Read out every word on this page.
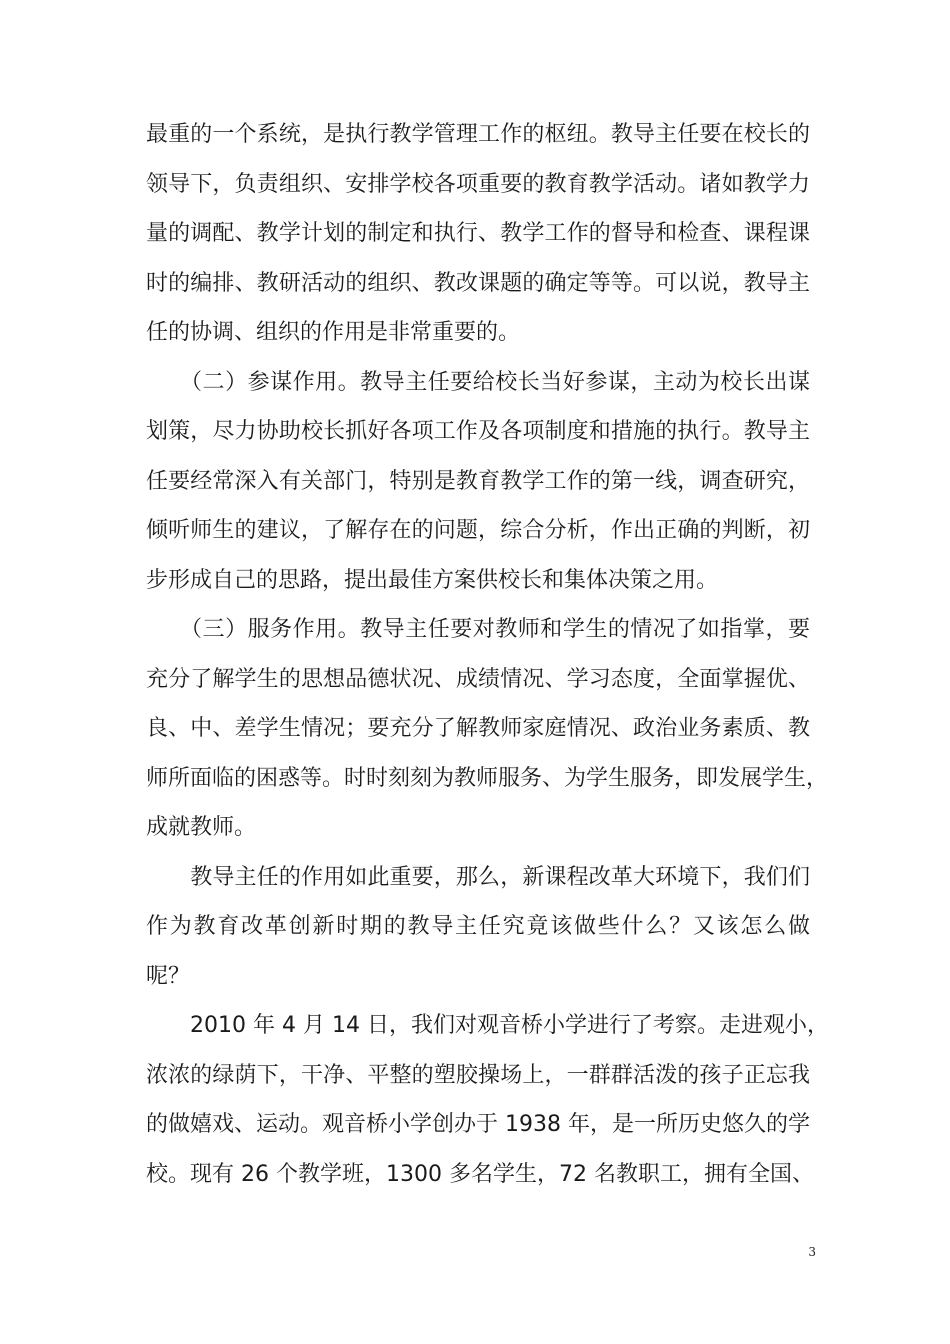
最重的一个系统，是执行教学管理工作的枢纽。教导主任要在校长的
领导下，负责组织、安排学校各项重要的教育教学活动。诸如教学力
量的调配、教学计划的制定和执行、教学工作的督导和检查、课程课
时的编排、教研活动的组织、教改课题的确定等等。可以说，教导主
任的协调、组织的作用是非常重要的。
　　（二）参谋作用。教导主任要给校长当好参谋，主动为校长出谋
划策，尽力协助校长抓好各项工作及各项制度和措施的执行。教导主
任要经常深入有关部门，特别是教育教学工作的第一线，调查研究，
倾听师生的建议，了解存在的问题，综合分析，作出正确的判断，初
步形成自己的思路，提出最佳方案供校长和集体决策之用。
　　（三）服务作用。教导主任要对教师和学生的情况了如指掌，要
充分了解学生的思想品德状况、成绩情况、学习态度，全面掌握优、
良、中、差学生情况；要充分了解教师家庭情况、政治业务素质、教
师所面临的困惑等。时时刻刻为教师服务、为学生服务，即发展学生，
成就教师。
　　教导主任的作用如此重要，那么，新课程改革大环境下，我们们
作为教育改革创新时期的教导主任究竟该做些什么？又该怎么做
呢？
　　2010 年 4 月 14 日，我们对观音桥小学进行了考察。走进观小，
浓浓的绿荫下，干净、平整的塑胶操场上，一群群活泼的孩子正忘我
的做嬉戏、运动。观音桥小学创办于 1938 年，是一所历史悠久的学
校。现有 26 个教学班，1300 多名学生，72 名教职工，拥有全国、
3
